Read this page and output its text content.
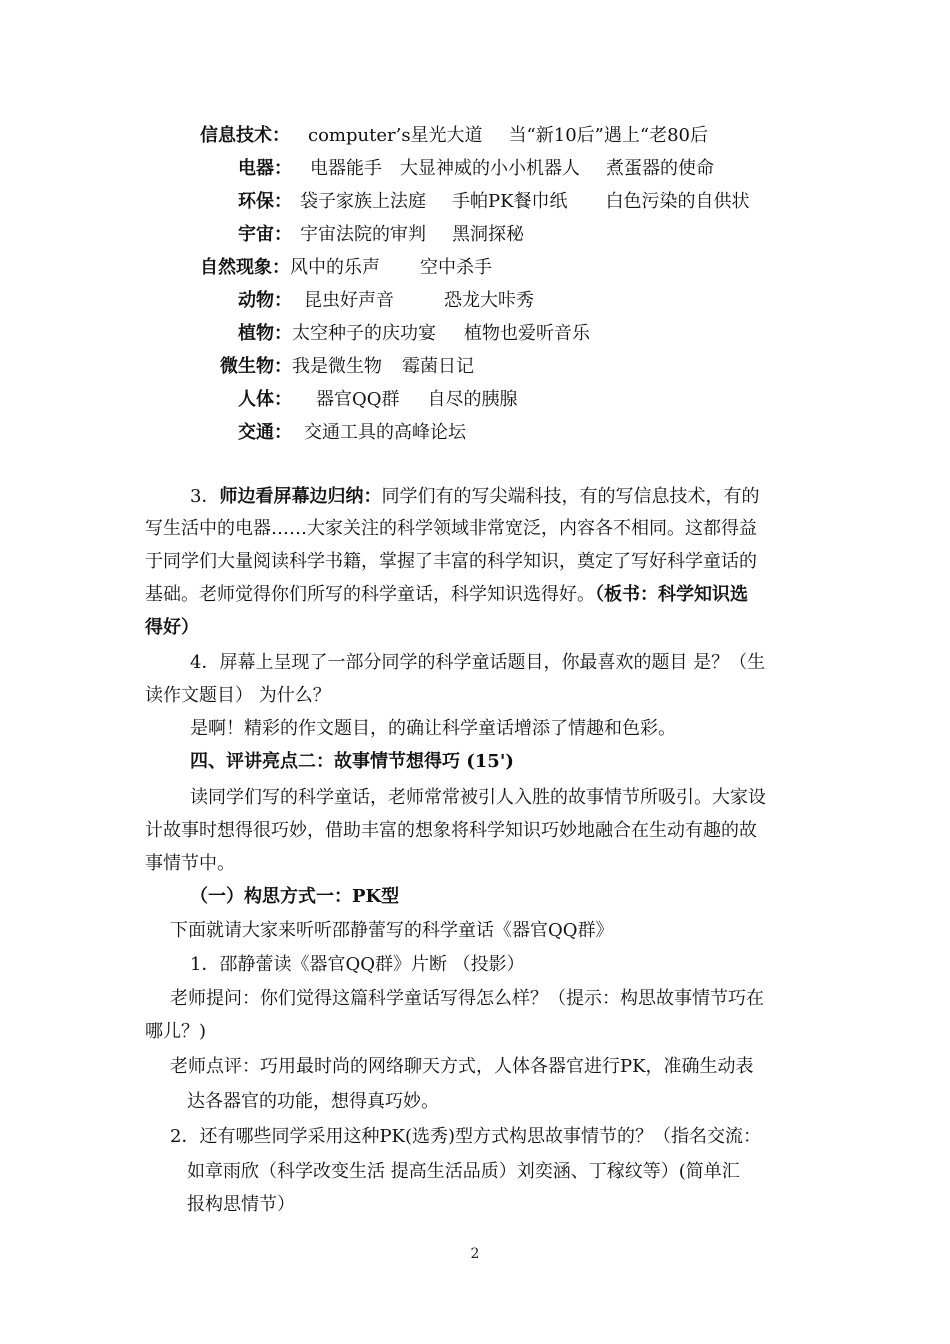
信息技术： computer’s星光大道 当“新10后”遇上“老80后
电器： 电器能手 大显神威的小小机器人 煮蛋器的使命
环保： 袋子家族上法庭 手帕PK餐巾纸 白色污染的自供状
宇宙： 宇宙法院的审判 黑洞探秘
自然现象：风中的乐声 空中杀手
动物： 昆虫好声音	恐龙大咔秀
植物：太空种子的庆功宴 植物也爱听音乐
微生物：我是微生物 霉菌日记
人体： 器官QQ群 自尽的胰腺
交通： 交通工具的高峰论坛
3．师边看屏幕边归纳：同学们有的写尖端科技，有的写信息技术，有的
写生活中的电器……大家关注的科学领域非常宽泛，内容各不相同。这都得益
于同学们大量阅读科学书籍，掌握了丰富的科学知识，奠定了写好科学童话的
基础。老师觉得你们所写的科学童话，科学知识选得好。（板书：科学知识选
得好）
4．屏幕上呈现了一部分同学的科学童话题目，你最喜欢的题目 是？（生
读作文题目） 为什么？
是啊！精彩的作文题目，的确让科学童话增添了情趣和色彩。
四、评讲亮点二：故事情节想得巧 (15')
读同学们写的科学童话，老师常常被引人入胜的故事情节所吸引。大家设
计故事时想得很巧妙，借助丰富的想象将科学知识巧妙地融合在生动有趣的故
事情节中。
（一）构思方式一：PK型
下面就请大家来听听邵静蕾写的科学童话《器官QQ群》
1．邵静蕾读《器官QQ群》片断 （投影）
老师提问：你们觉得这篇科学童话写得怎么样？（提示：构思故事情节巧在
哪儿？)
老师点评：巧用最时尚的网络聊天方式，人体各器官进行PK，准确生动表
达各器官的功能，想得真巧妙。
2．还有哪些同学采用这种PK(选秀)型方式构思故事情节的？（指名交流：
如章雨欣（科学改变生活 提高生活品质）刘奕涵、丁稼纹等）(简单汇
报构思情节）
2
